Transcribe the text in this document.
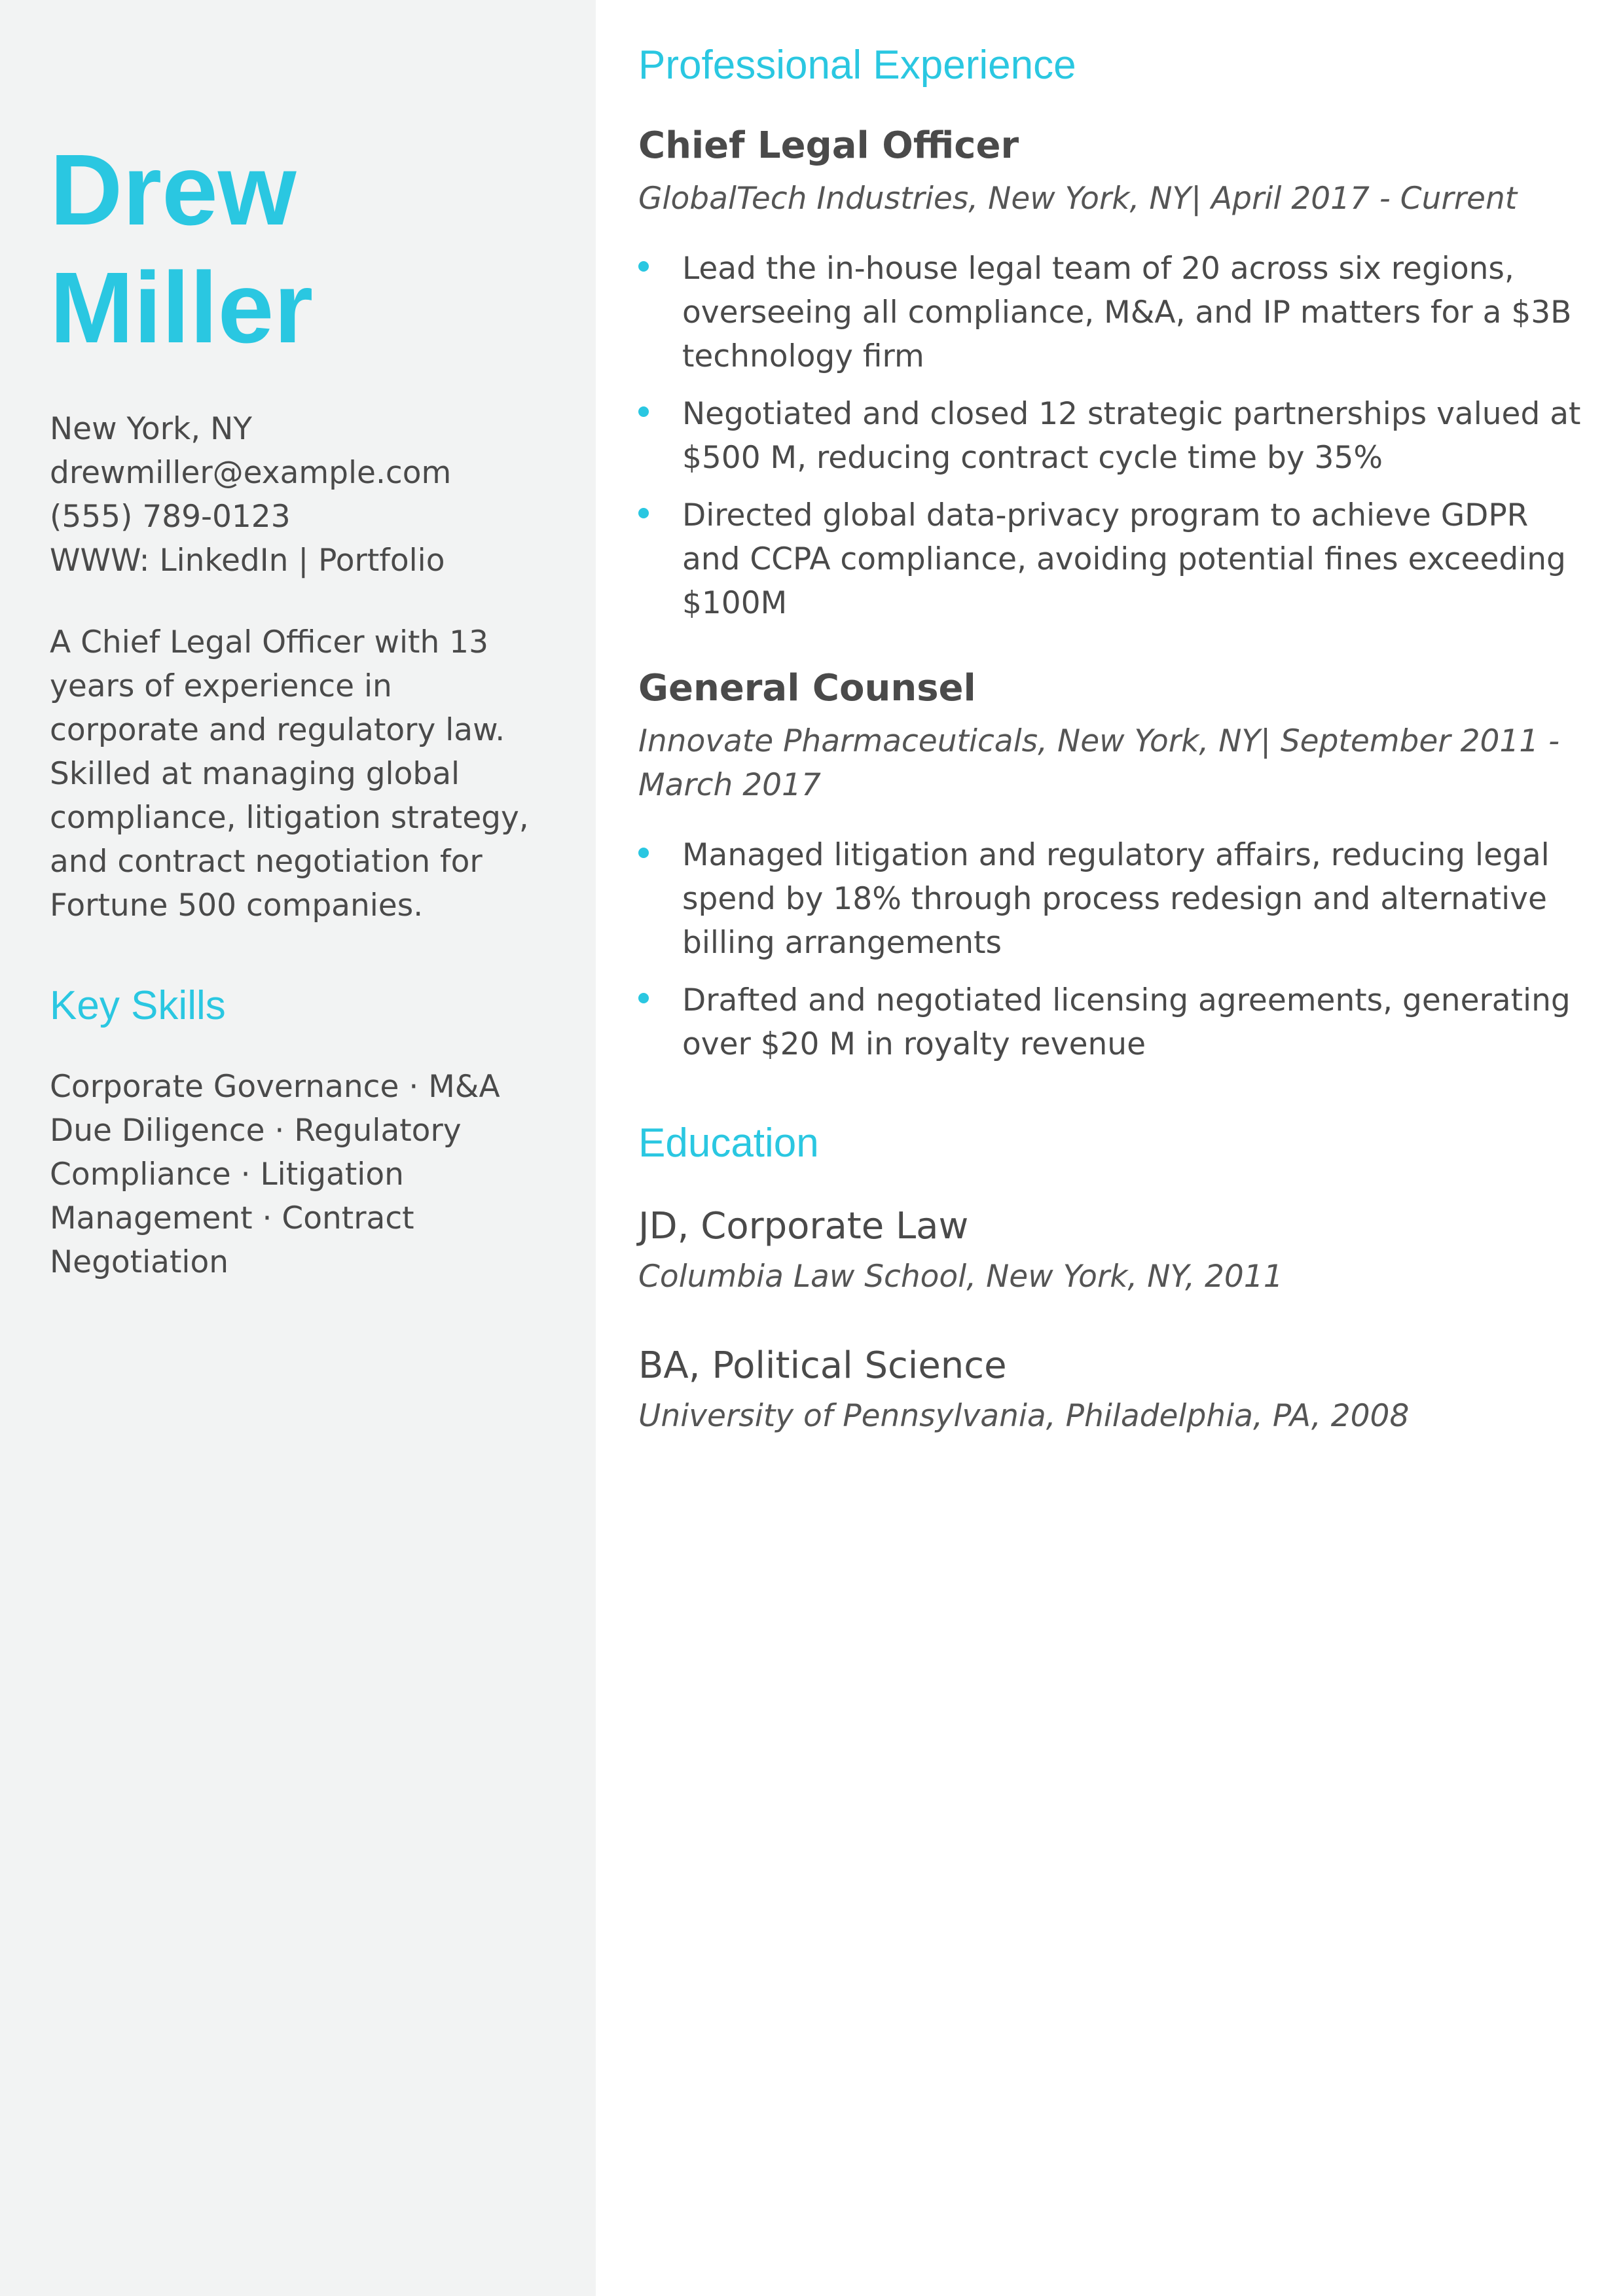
Drew
Miller
New York, NY
drewmiller@example.com
(555) 789-0123
WWW: LinkedIn | Portfolio
A Chief Legal Officer with 13 years of experience in corporate and regulatory law. Skilled at managing global compliance, litigation strategy, and contract negotiation for Fortune 500 companies.
Key Skills
Corporate Governance · M&A Due Diligence · Regulatory Compliance · Litigation Management · Contract Negotiation
Professional Experience
Chief Legal Officer
GlobalTech Industries, New York, NY| April 2017 - Current
Lead the in-house legal team of 20 across six regions, overseeing all compliance, M&A, and IP matters for a $3B technology firm
Negotiated and closed 12 strategic partnerships valued at $500 M, reducing contract cycle time by 35%
Directed global data-privacy program to achieve GDPR and CCPA compliance, avoiding potential fines exceeding $100M
General Counsel
Innovate Pharmaceuticals, New York, NY| September 2011 - March 2017
Managed litigation and regulatory affairs, reducing legal spend by 18% through process redesign and alternative billing arrangements
Drafted and negotiated licensing agreements, generating over $20 M in royalty revenue
Education
JD, Corporate Law
Columbia Law School, New York, NY, 2011
BA, Political Science
University of Pennsylvania, Philadelphia, PA, 2008
